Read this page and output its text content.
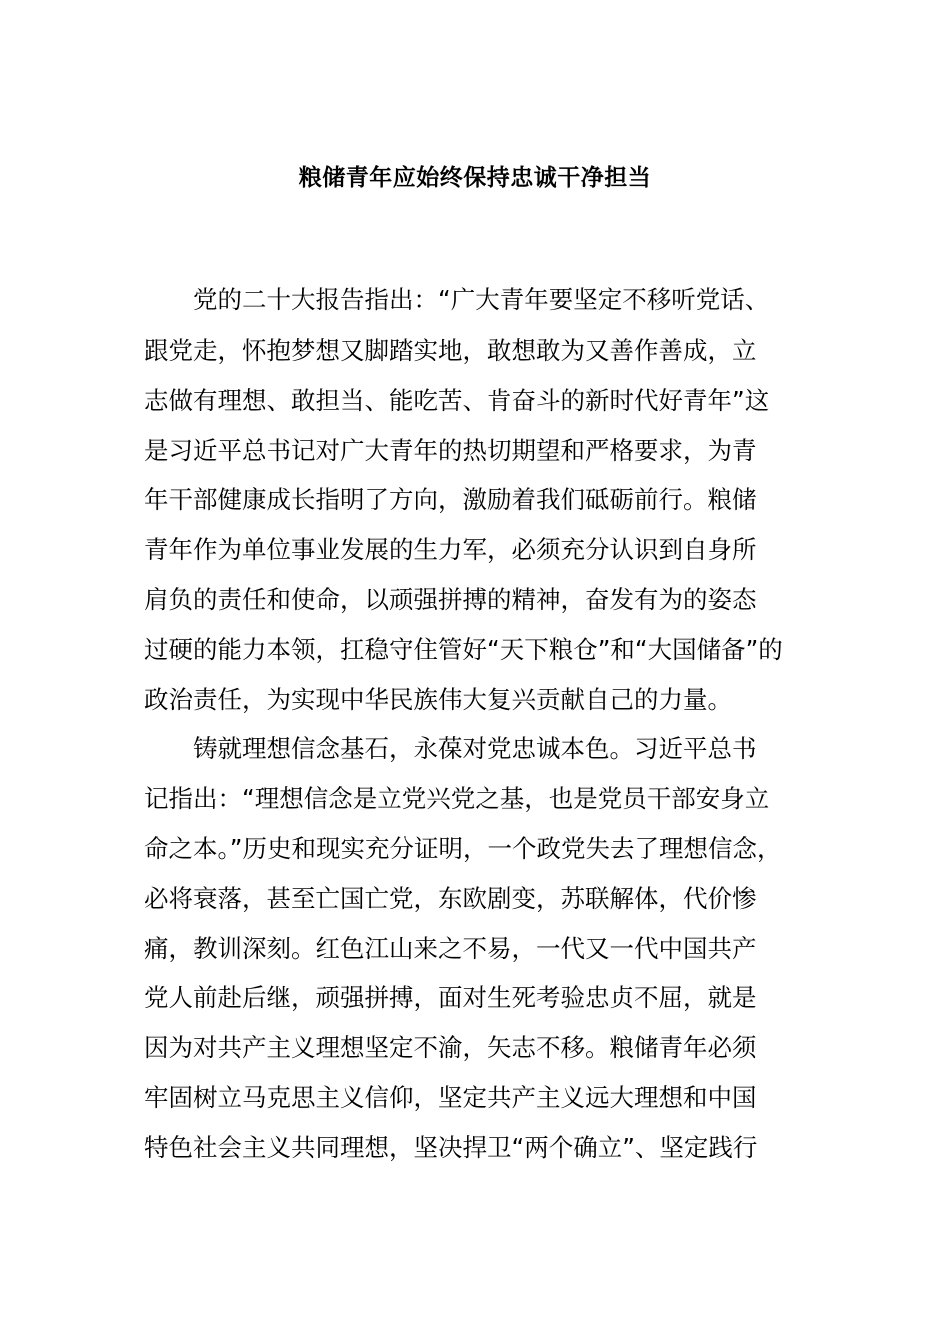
粮储青年应始终保持忠诚干净担当

党的二十大报告指出：“广大青年要坚定不移听党话、

跟党走，怀抱梦想又脚踏实地，敢想敢为又善作善成，立

志做有理想、敢担当、能吃苦、肯奋斗的新时代好青年”这

是习近平总书记对广大青年的热切期望和严格要求，为青

年干部健康成长指明了方向，激励着我们砥砺前行。粮储

青年作为单位事业发展的生力军，必须充分认识到自身所

肩负的责任和使命，以顽强拼搏的精神，奋发有为的姿态

过硬的能力本领，扛稳守住管好“天下粮仓”和“大国储备”的

政治责任，为实现中华民族伟大复兴贡献自己的力量。

铸就理想信念基石，永葆对党忠诚本色。习近平总书

记指出：“理想信念是立党兴党之基，也是党员干部安身立

命之本。”历史和现实充分证明，一个政党失去了理想信念，

必将衰落，甚至亡国亡党，东欧剧变，苏联解体，代价惨

痛，教训深刻。红色江山来之不易，一代又一代中国共产

党人前赴后继，顽强拼搏，面对生死考验忠贞不屈，就是

因为对共产主义理想坚定不渝，矢志不移。粮储青年必须

牢固树立马克思主义信仰，坚定共产主义远大理想和中国

特色社会主义共同理想，坚决捍卫“两个确立”、坚定践行
